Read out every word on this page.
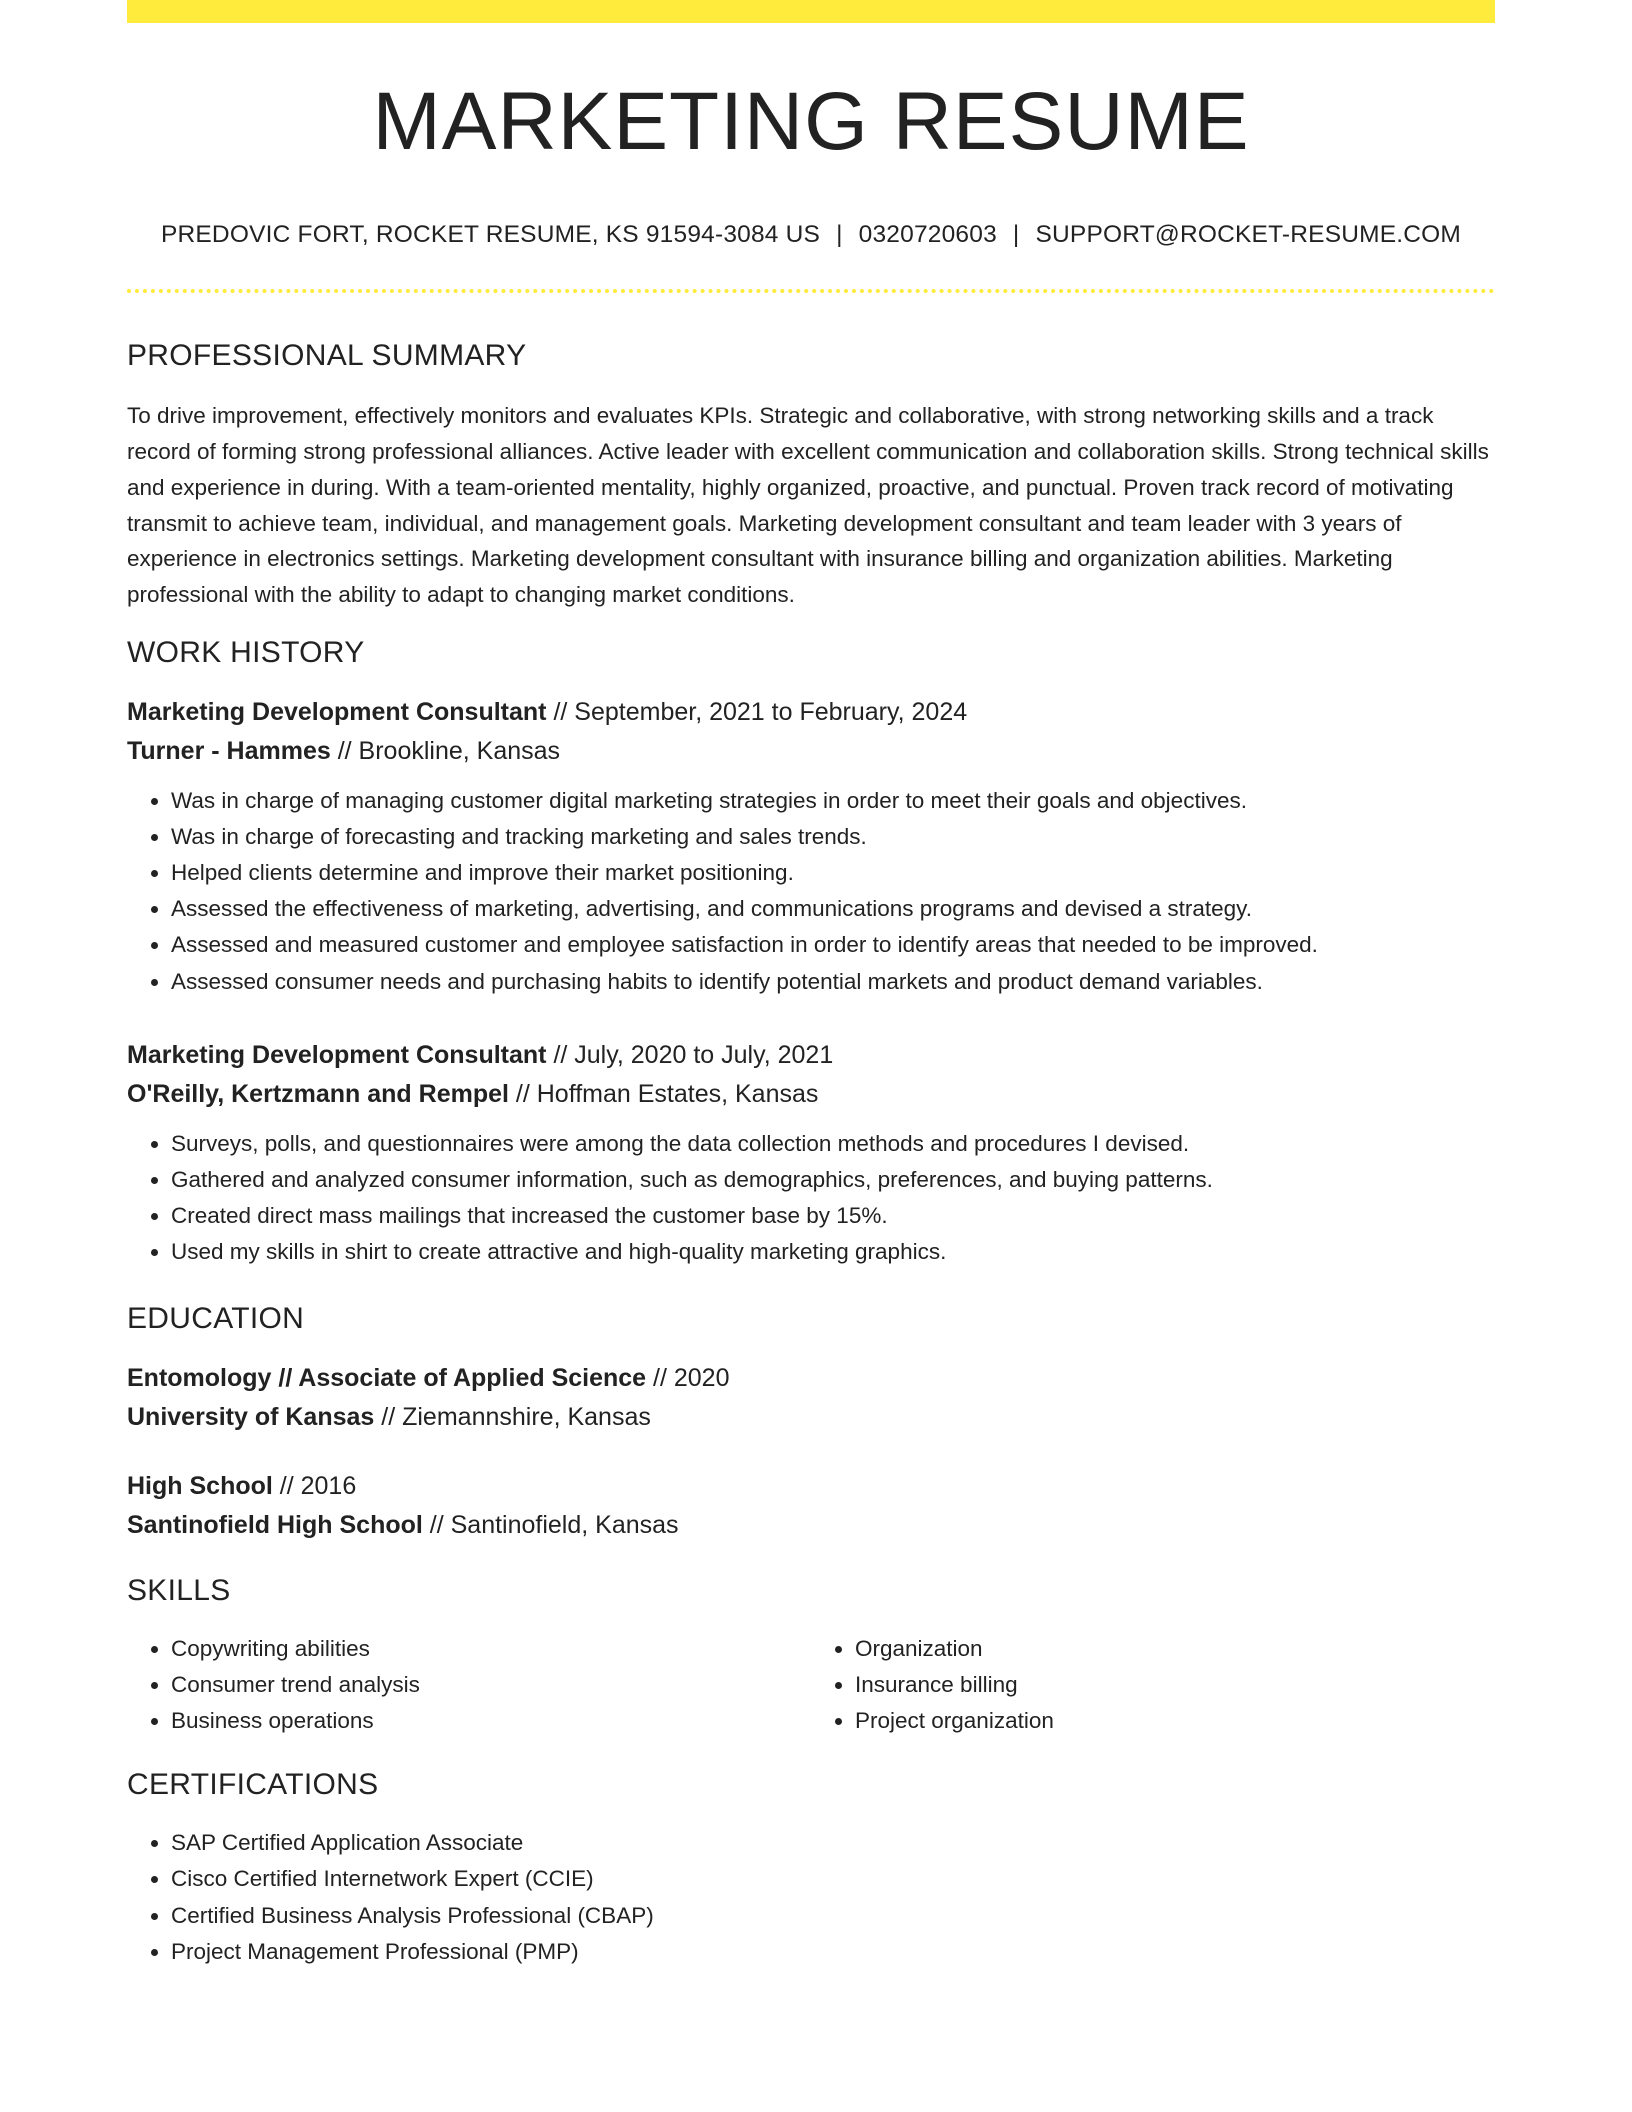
MARKETING RESUME
PREDOVIC FORT, ROCKET RESUME, KS 91594-3084 US | 0320720603 | SUPPORT@ROCKET-RESUME.COM
PROFESSIONAL SUMMARY

To drive improvement, effectively monitors and evaluates KPIs. Strategic and collaborative, with strong networking skills and a track record of forming strong professional alliances. Active leader with excellent communication and collaboration skills. Strong technical skills and experience in during. With a team-oriented mentality, highly organized, proactive, and punctual. Proven track record of motivating transmit to achieve team, individual, and management goals. Marketing development consultant and team leader with 3 years of experience in electronics settings. Marketing development consultant with insurance billing and organization abilities. Marketing professional with the ability to adapt to changing market conditions.

WORK HISTORY
Marketing Development Consultant // September, 2021 to February, 2024
Turner - Hammes // Brookline, Kansas
• Was in charge of managing customer digital marketing strategies in order to meet their goals and objectives.
• Was in charge of forecasting and tracking marketing and sales trends.
• Helped clients determine and improve their market positioning.
• Assessed the effectiveness of marketing, advertising, and communications programs and devised a strategy.
• Assessed and measured customer and employee satisfaction in order to identify areas that needed to be improved.
• Assessed consumer needs and purchasing habits to identify potential markets and product demand variables.
Marketing Development Consultant // July, 2020 to July, 2021
O'Reilly, Kertzmann and Rempel // Hoffman Estates, Kansas
• Surveys, polls, and questionnaires were among the data collection methods and procedures I devised.
• Gathered and analyzed consumer information, such as demographics, preferences, and buying patterns.
• Created direct mass mailings that increased the customer base by 15%.
• Used my skills in shirt to create attractive and high-quality marketing graphics.
EDUCATION
Entomology // Associate of Applied Science // 2020
University of Kansas // Ziemannshire, Kansas
High School // 2016
Santinofield High School // Santinofield, Kansas
SKILLS
• Copywriting abilities
• Consumer trend analysis
• Business operations
• Organization
• Insurance billing
• Project organization
CERTIFICATIONS
• SAP Certified Application Associate
• Cisco Certified Internetwork Expert (CCIE)
• Certified Business Analysis Professional (CBAP)
• Project Management Professional (PMP)
